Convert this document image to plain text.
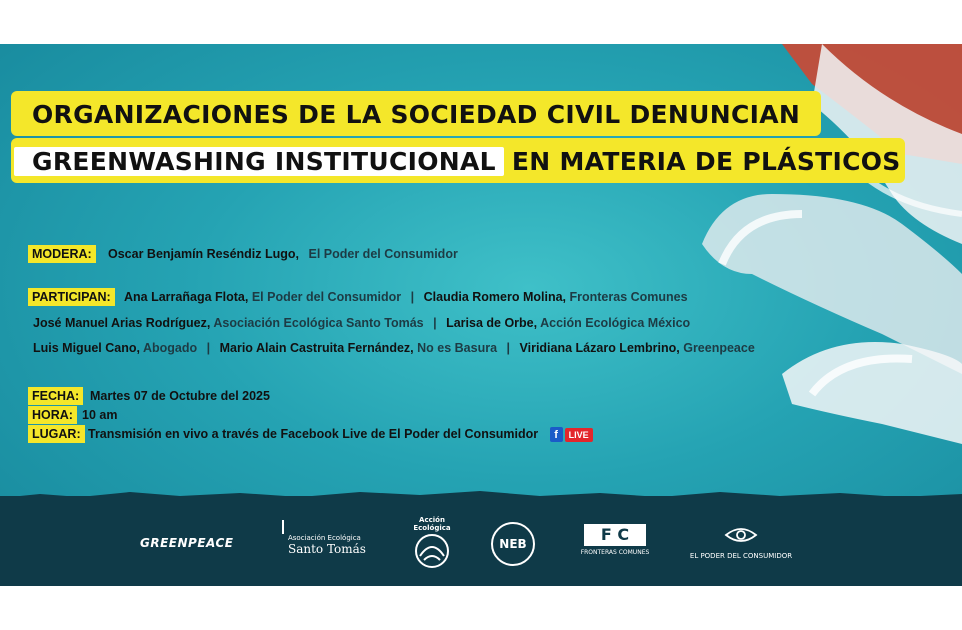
ORGANIZACIONES DE LA SOCIEDAD CIVIL DENUNCIAN
GREENWASHING INSTITUCIONAL EN MATERIA DE PLÁSTICOS
MODERA:	Oscar Benjamín Reséndiz Lugo, El Poder del Consumidor
PARTICIPAN:	Ana Larrañaga Flota, El Poder del Consumidor | Claudia Romero Molina, Fronteras Comunes
José Manuel Arias Rodríguez, Asociación Ecológica Santo Tomás | Larisa de Orbe, Acción Ecológica México
Luis Miguel Cano, Abogado | Mario Alain Castruita Fernández, No es Basura | Viridiana Lázaro Lembrino, Greenpeace
FECHA: Martes 07 de Octubre del 2025
HORA: 10 am
LUGAR: Transmisión en vivo a través de Facebook Live de El Poder del Consumidor	f	LIVE
GREENPEACE	Asociación Ecológica
Santo Tomás
Acción Ecológica
NEB	F C
FRONTERAS COMUNES	EL PODER DEL CONSUMIDOR
